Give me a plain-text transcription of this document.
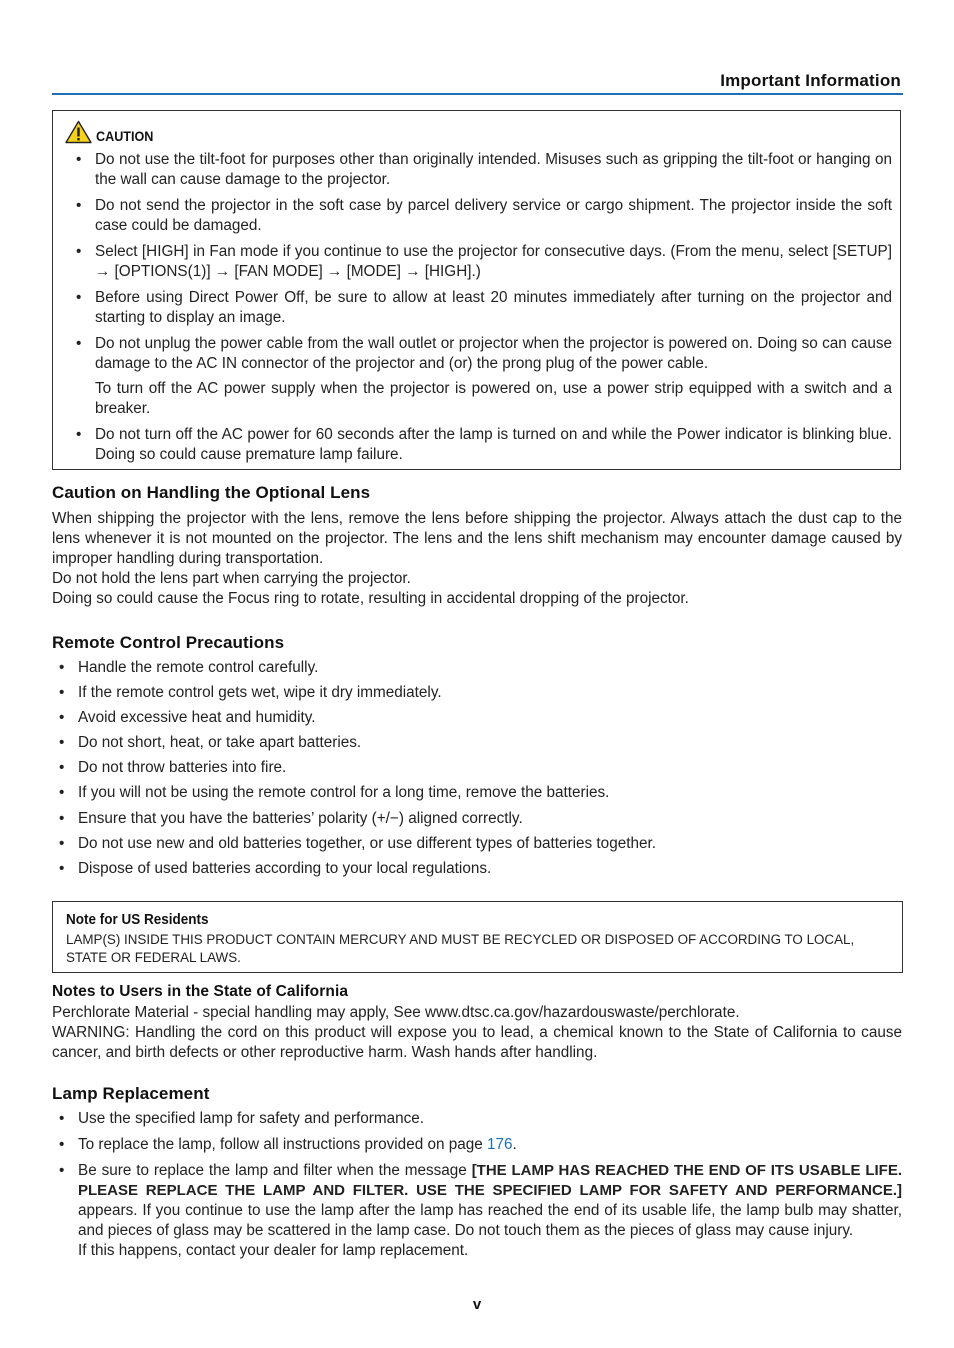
Important Information
CAUTION
• Do not use the tilt-foot for purposes other than originally intended. Misuses such as gripping the tilt-foot or hanging on the wall can cause damage to the projector.
• Do not send the projector in the soft case by parcel delivery service or cargo shipment. The projector inside the soft case could be damaged.
• Select [HIGH] in Fan mode if you continue to use the projector for consecutive days. (From the menu, select [SETUP] → [OPTIONS(1)] → [FAN MODE] → [MODE] → [HIGH].)
• Before using Direct Power Off, be sure to allow at least 20 minutes immediately after turning on the projector and starting to display an image.
• Do not unplug the power cable from the wall outlet or projector when the projector is powered on. Doing so can cause damage to the AC IN connector of the projector and (or) the prong plug of the power cable.
To turn off the AC power supply when the projector is powered on, use a power strip equipped with a switch and a breaker.
• Do not turn off the AC power for 60 seconds after the lamp is turned on and while the Power indicator is blinking blue. Doing so could cause premature lamp failure.
Caution on Handling the Optional Lens

When shipping the projector with the lens, remove the lens before shipping the projector. Always attach the dust cap to the lens whenever it is not mounted on the projector. The lens and the lens shift mechanism may encounter damage caused by improper handling during transportation.

Do not hold the lens part when carrying the projector.

Doing so could cause the Focus ring to rotate, resulting in accidental dropping of the projector.

Remote Control Precautions
• Handle the remote control carefully.
• If the remote control gets wet, wipe it dry immediately.
• Avoid excessive heat and humidity.
• Do not short, heat, or take apart batteries.
• Do not throw batteries into fire.
• If you will not be using the remote control for a long time, remove the batteries.
• Ensure that you have the batteries’ polarity (+/−) aligned correctly.
• Do not use new and old batteries together, or use different types of batteries together.
• Dispose of used batteries according to your local regulations.
Note for US Residents
LAMP(S) INSIDE THIS PRODUCT CONTAIN MERCURY AND MUST BE RECYCLED OR DISPOSED OF ACCORDING TO LOCAL, STATE OR FEDERAL LAWS.
Notes to Users in the State of California

Perchlorate Material - special handling may apply, See www.dtsc.ca.gov/hazardouswaste/perchlorate.

WARNING: Handling the cord on this product will expose you to lead, a chemical known to the State of California to cause cancer, and birth defects or other reproductive harm. Wash hands after handling.

Lamp Replacement
• Use the specified lamp for safety and performance.
• To replace the lamp, follow all instructions provided on page 176.
• Be sure to replace the lamp and filter when the message [THE LAMP HAS REACHED THE END OF ITS USABLE LIFE. PLEASE REPLACE THE LAMP AND FILTER. USE THE SPECIFIED LAMP FOR SAFETY AND PERFORMANCE.] appears. If you continue to use the lamp after the lamp has reached the end of its usable life, the lamp bulb may shatter, and pieces of glass may be scattered in the lamp case. Do not touch them as the pieces of glass may cause injury.
If this happens, contact your dealer for lamp replacement.
v
